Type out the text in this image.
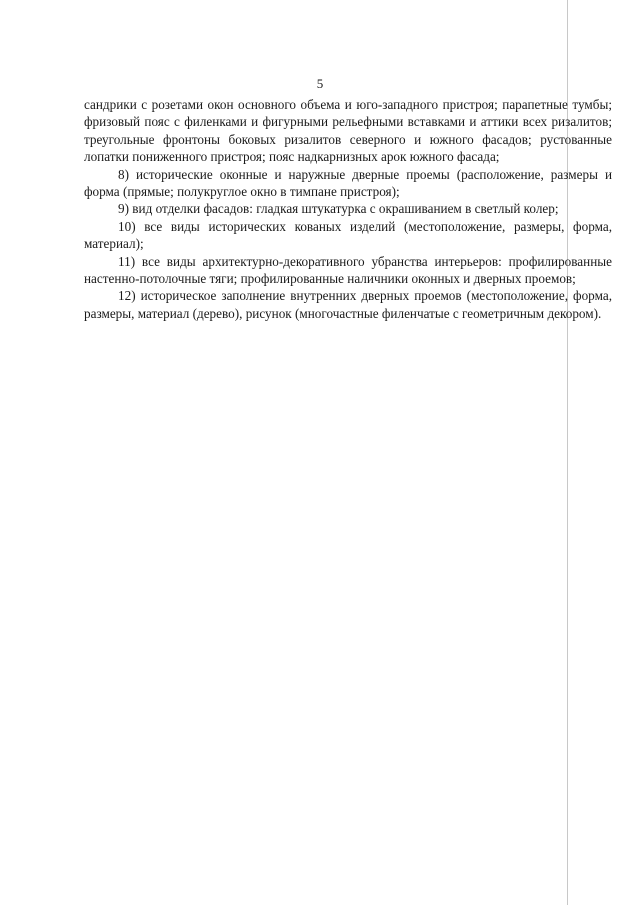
5

сандрики с розетами окон основного объема и юго-западного пристроя; парапетные тумбы; фризовый пояс с филенками и фигурными рельефными вставками и аттики всех ризалитов; треугольные фронтоны боковых ризалитов северного и южного фасадов; рустованные лопатки пониженного пристроя; пояс надкарнизных арок южного фасада;

8) исторические оконные и наружные дверные проемы (расположение, размеры и форма (прямые; полукруглое окно в тимпане пристроя);

9) вид отделки фасадов: гладкая штукатурка с окрашиванием в светлый колер;

10) все виды исторических кованых изделий (местоположение, размеры, форма, материал);

11) все виды архитектурно-декоративного убранства интерьеров: профилированные настенно-потолочные тяги; профилированные наличники оконных и дверных проемов;

12) историческое заполнение внутренних дверных проемов (местоположение, форма, размеры, материал (дерево), рисунок (многочастные филенчатые с геометричным декором).
